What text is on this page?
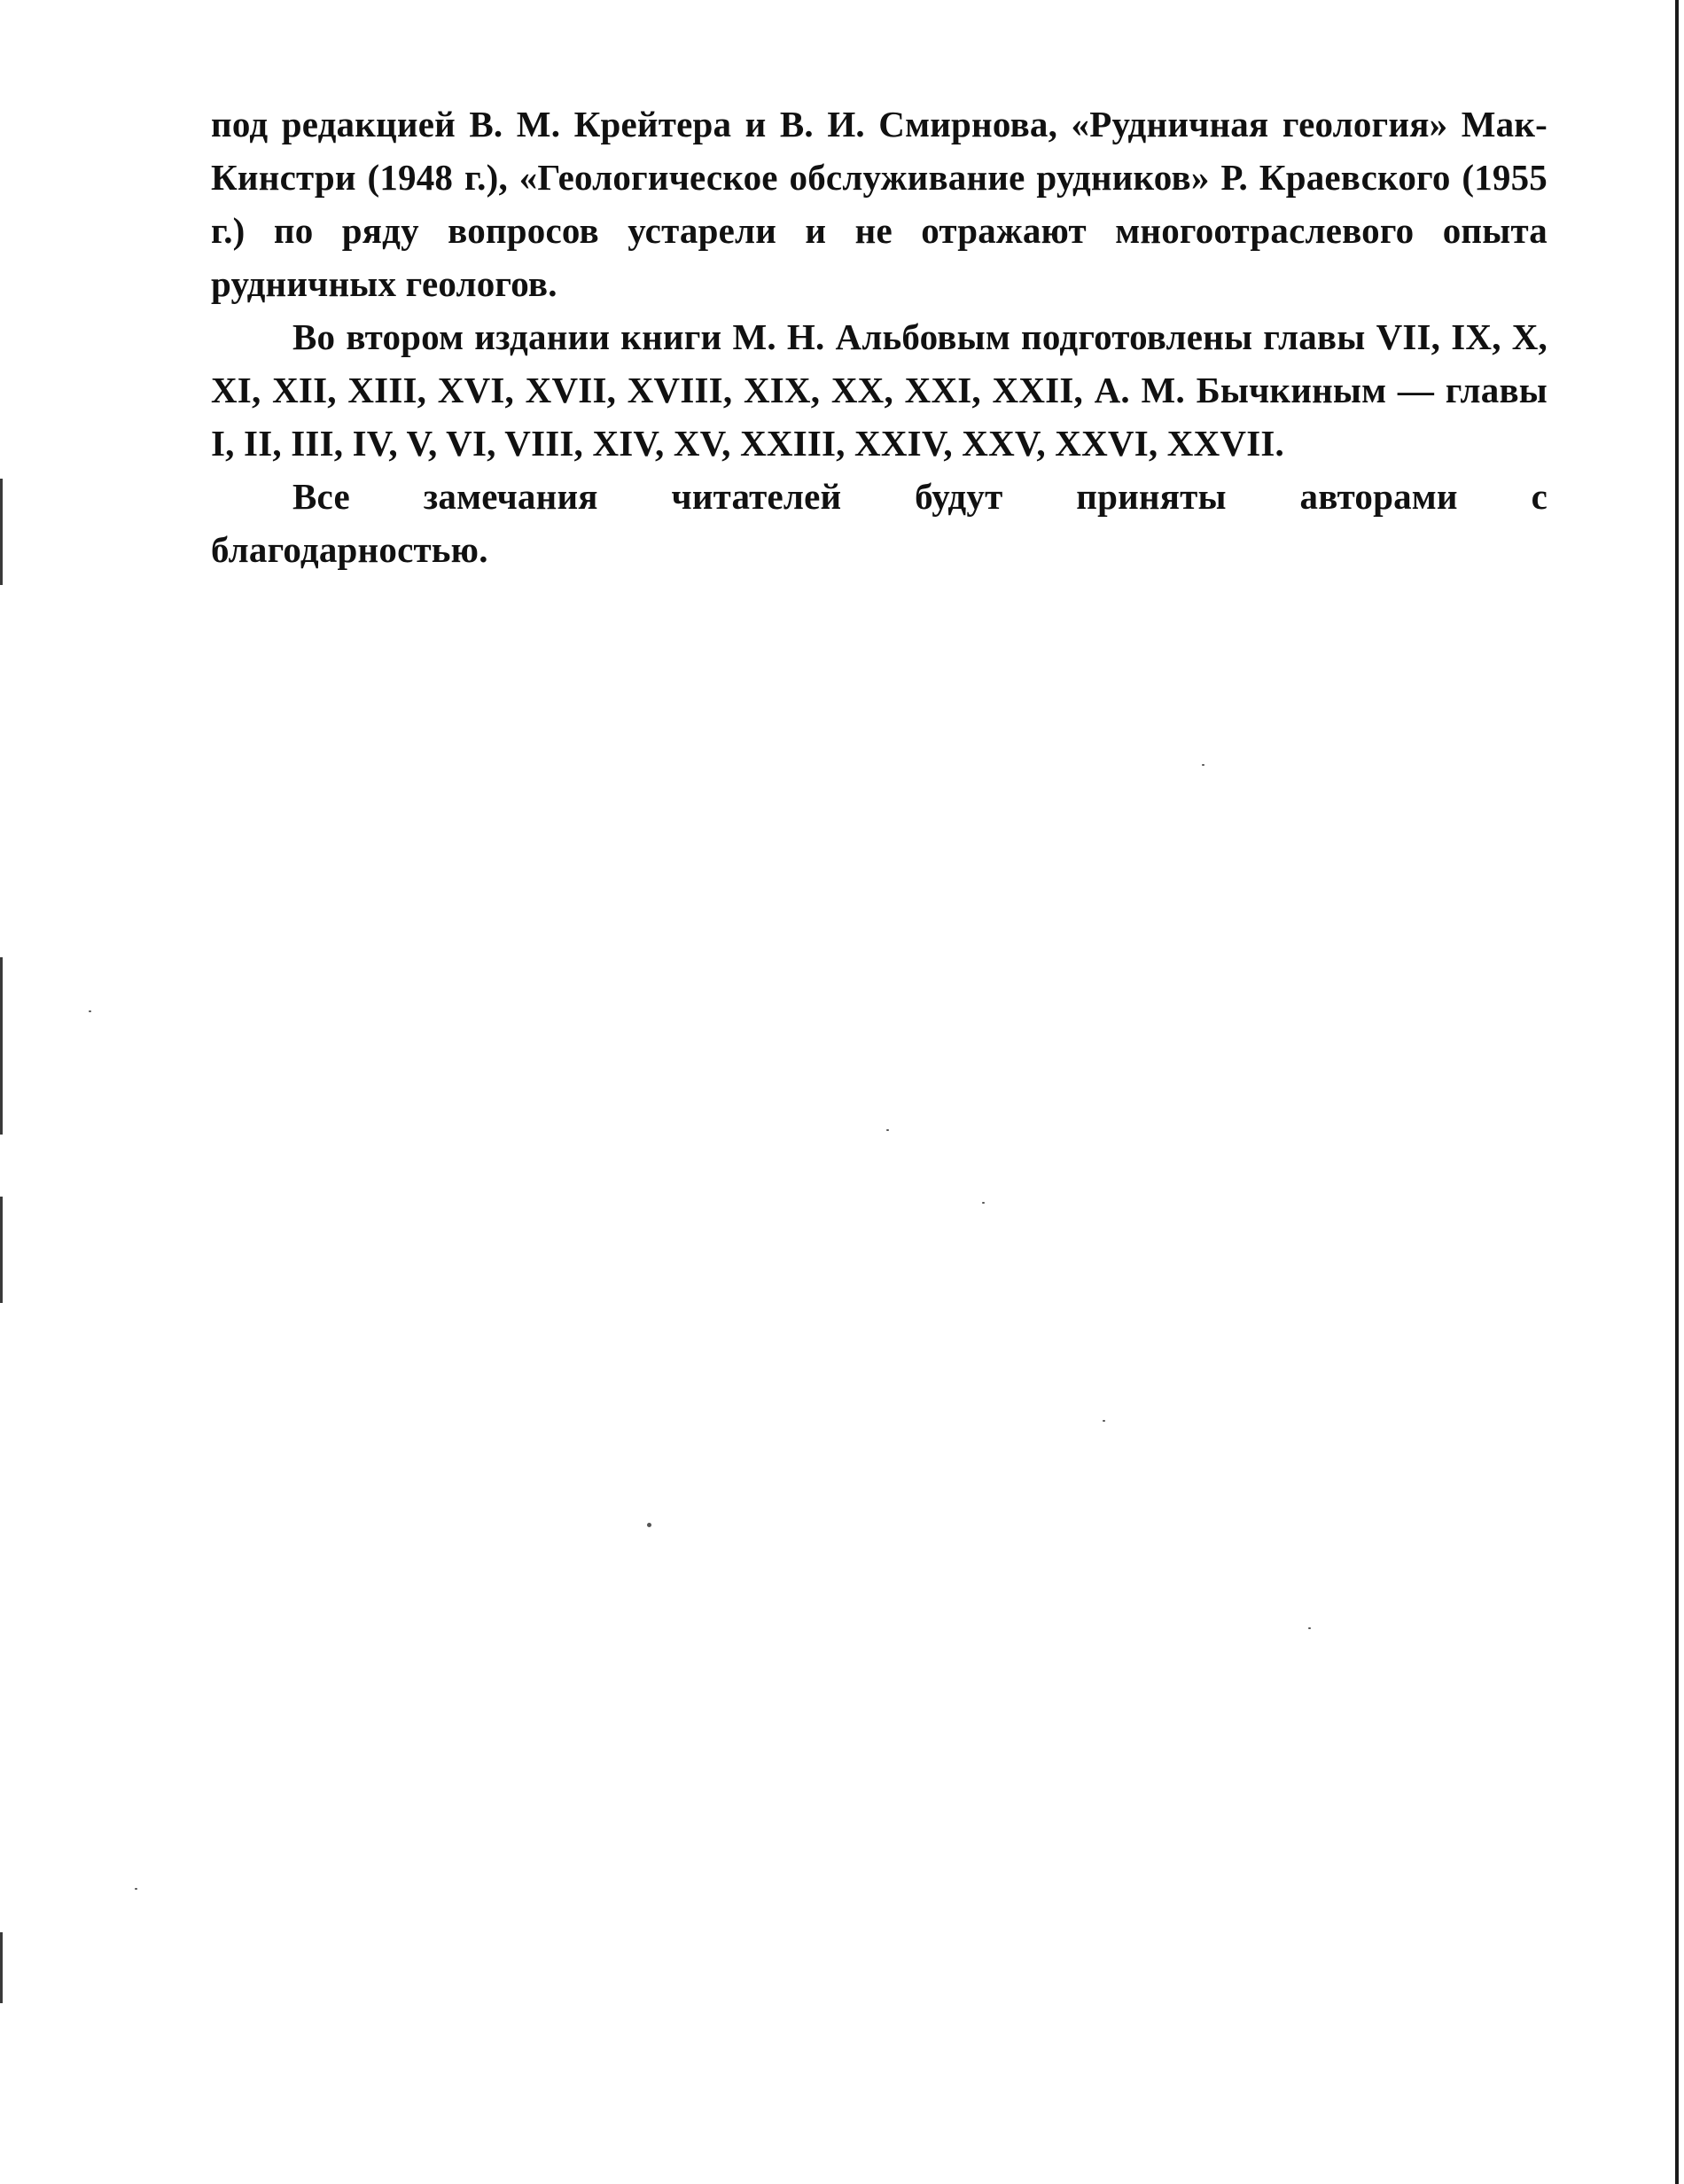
под редакцией В. М. Крейтера и В. И. Смирнова, «Рудничная геология» Мак-Кинстри (1948 г.), «Геологическое обслуживание рудников» Р. Краевского (1955 г.) по ряду вопросов устарели и не отражают многоотраслевого опыта рудничных геологов.

Во втором издании книги М. Н. Альбовым подготовлены главы VII, IX, X, XI, XII, XIII, XVI, XVII, XVIII, XIX, XX, XXI, XXII, А. М. Бычкиным — главы I, II, III, IV, V, VI, VIII, XIV, XV, XXIII, XXIV, XXV, XXVI, XXVII.

Все замечания читателей будут приняты авторами с благодарностью.
